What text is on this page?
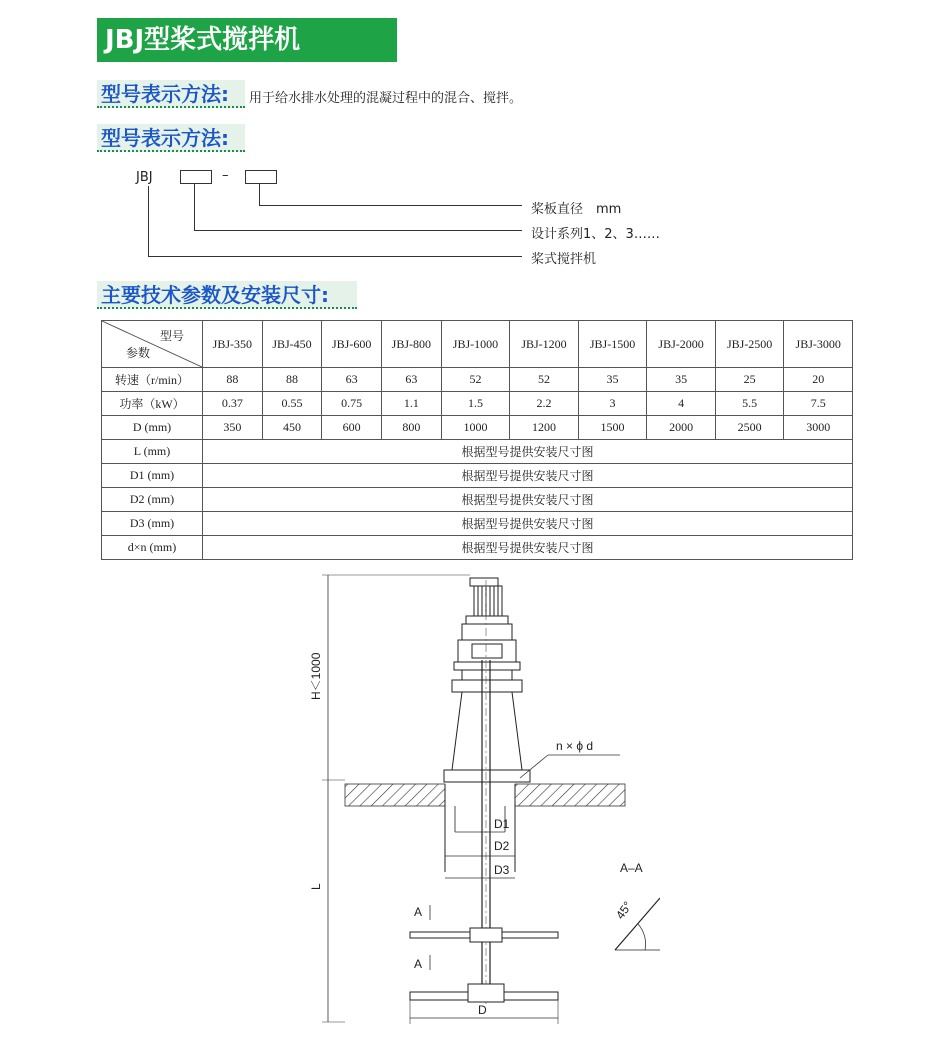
JBJ型桨式搅拌机
型号表示方法:	用于给水排水处理的混凝过程中的混合、搅拌。
型号表示方法:
JBJ	–
桨板直径　mm
设计系列1、2、3……
桨式搅拌机
主要技术参数及安装尺寸:
型号
参数	JBJ-350	JBJ-450	JBJ-600	JBJ-800	JBJ-1000	JBJ-1200	JBJ-1500	JBJ-2000	JBJ-2500	JBJ-3000
转速（r/min）	88	88	63	63	52	52	35	35	25	20
功率（kW）	0.37	0.55	0.75	1.1	1.5	2.2	3	4	5.5	7.5
D (mm)	350	450	600	800	1000	1200	1500	2000	2500	3000
L (mm)	根据型号提供安装尺寸图									
D1 (mm)	根据型号提供安装尺寸图									
D2 (mm)	根据型号提供安装尺寸图									
D3 (mm)	根据型号提供安装尺寸图									
d×n (mm)	根据型号提供安装尺寸图									
H＜1000
L
D1
D2
D3
n × ϕ d
A
A
D
A–A
45°
